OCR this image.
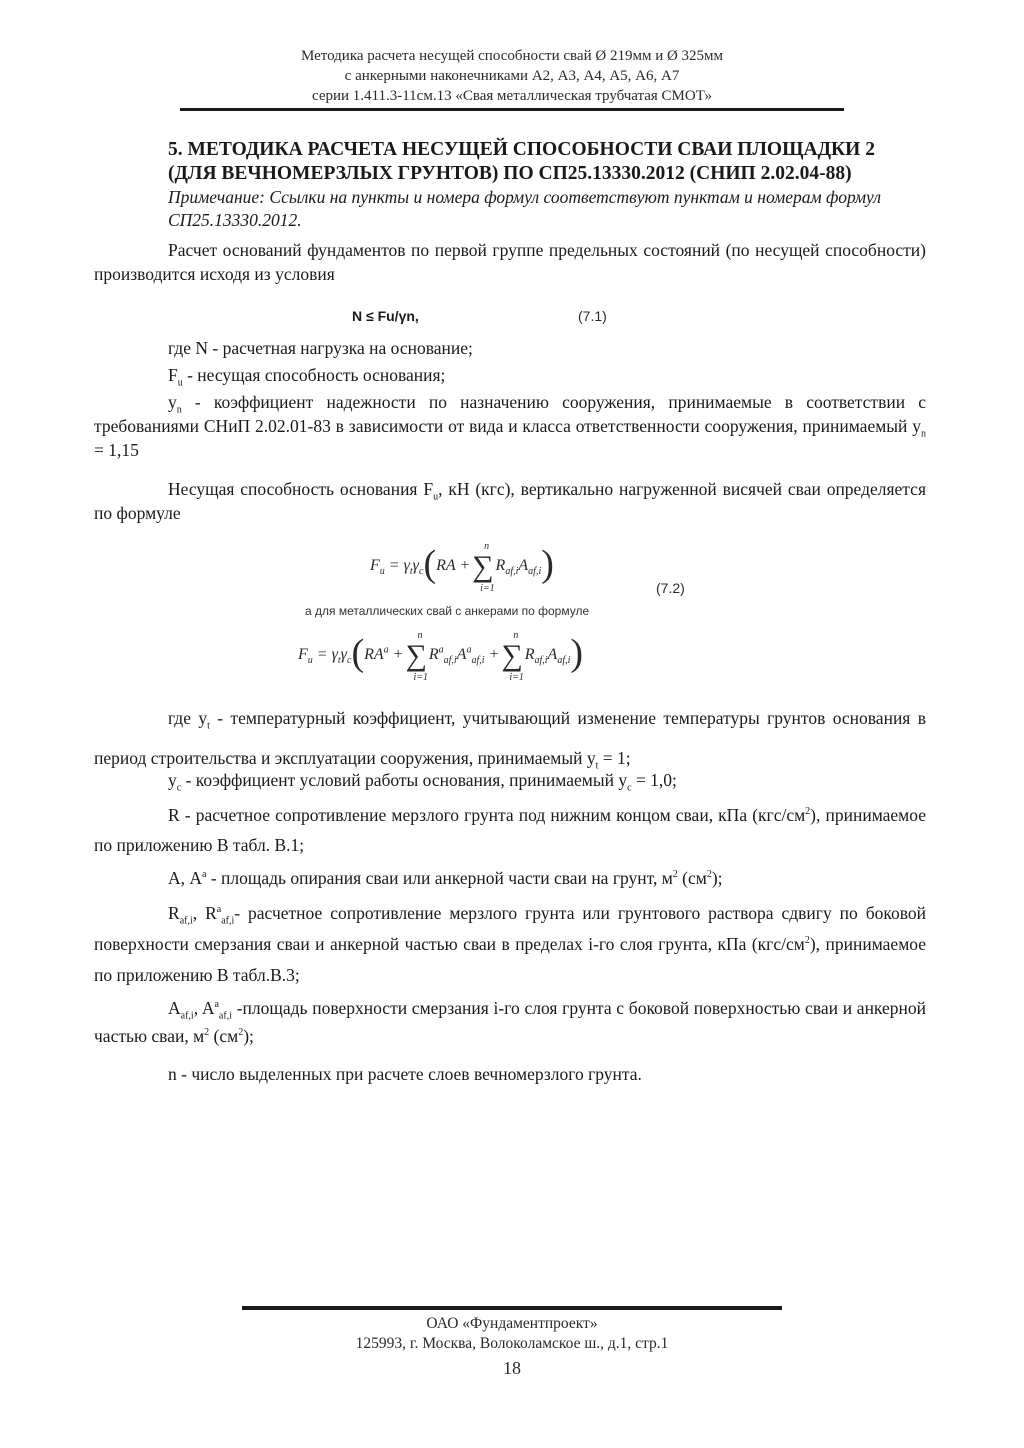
Методика расчета несущей способности свай Ø 219мм и Ø 325мм
с анкерными наконечниками А2, А3, А4, А5, А6, А7
серии 1.411.3-11см.13 «Свая металлическая трубчатая СМОТ»
5. МЕТОДИКА РАСЧЕТА НЕСУЩЕЙ СПОСОБНОСТИ СВАИ ПЛОЩАДКИ 2 (ДЛЯ ВЕЧНОМЕРЗЛЫХ ГРУНТОВ) ПО СП25.13330.2012 (СНИП 2.02.04-88)
Примечание: Ссылки на пункты и номера формул соответствуют пунктам и номерам формул СП25.13330.2012.
Расчет оснований фундаментов по первой группе предельных состояний (по несущей способности) производится исходя из условия
N ≤ Fu/γn,	(7.1)
где N - расчетная нагрузка на основание;
$F_u$ - несущая способность основания;
$y_n$ - коэффициент надежности по назначению сооружения, принимаемые в соответствии с требованиями СНиП 2.02.01-83 в зависимости от вида и класса ответственности сооружения, принимаемый $y_n = 1,15$
Несущая способность основания $F_u$, кН (кгс), вертикально нагруженной висячей сваи определяется по формуле
$F_u = \gamma_t\gamma_c(RA$ +∑
n
i=1
$R_{af,i}A_{af,i}$)
(7.2)
а для металлических свай с анкерами по формуле
$F_u = \gamma_t\gamma_c(RA^a$ +∑
n
i=1
$R^a_{af,i}A^a_{af,i}$ +∑
n
i=1
$R_{af,i}A_{af,i}$)
где $y_t$ - температурный коэффициент, учитывающий изменение температуры грунтов основания в период строительства и эксплуатации сооружения, принимаемый $y_t = 1$;
$y_c$ - коэффициент условий работы основания, принимаемый $y_c = 1,0$;
R - расчетное сопротивление мерзлого грунта под нижним концом сваи, кПа $(кгс/см^2)$, принимаемое по приложению В табл. В.1;
А, $А^a$ - площадь опирания сваи или анкерной части сваи на грунт, $м^2$ $(см^2)$;
$R_{af,i}$, $R^a_{af,i}-$ расчетное сопротивление мерзлого грунта или грунтового раствора сдвигу по боковой поверхности смерзания сваи и анкерной частью сваи в пределах i-го слоя грунта, кПа $(кгс/см^2)$, принимаемое по приложению В табл.В.3;
$A_{af,i}$, $A^a_{af,i}$ -площадь поверхности смерзания i-го слоя грунта с боковой поверхностью сваи и анкерной частью сваи, $м^2$ $(см^2)$;
n - число выделенных при расчете слоев вечномерзлого грунта.
ОАО «Фундаментпроект»
125993, г. Москва, Волоколамское ш., д.1, стр.1
18
